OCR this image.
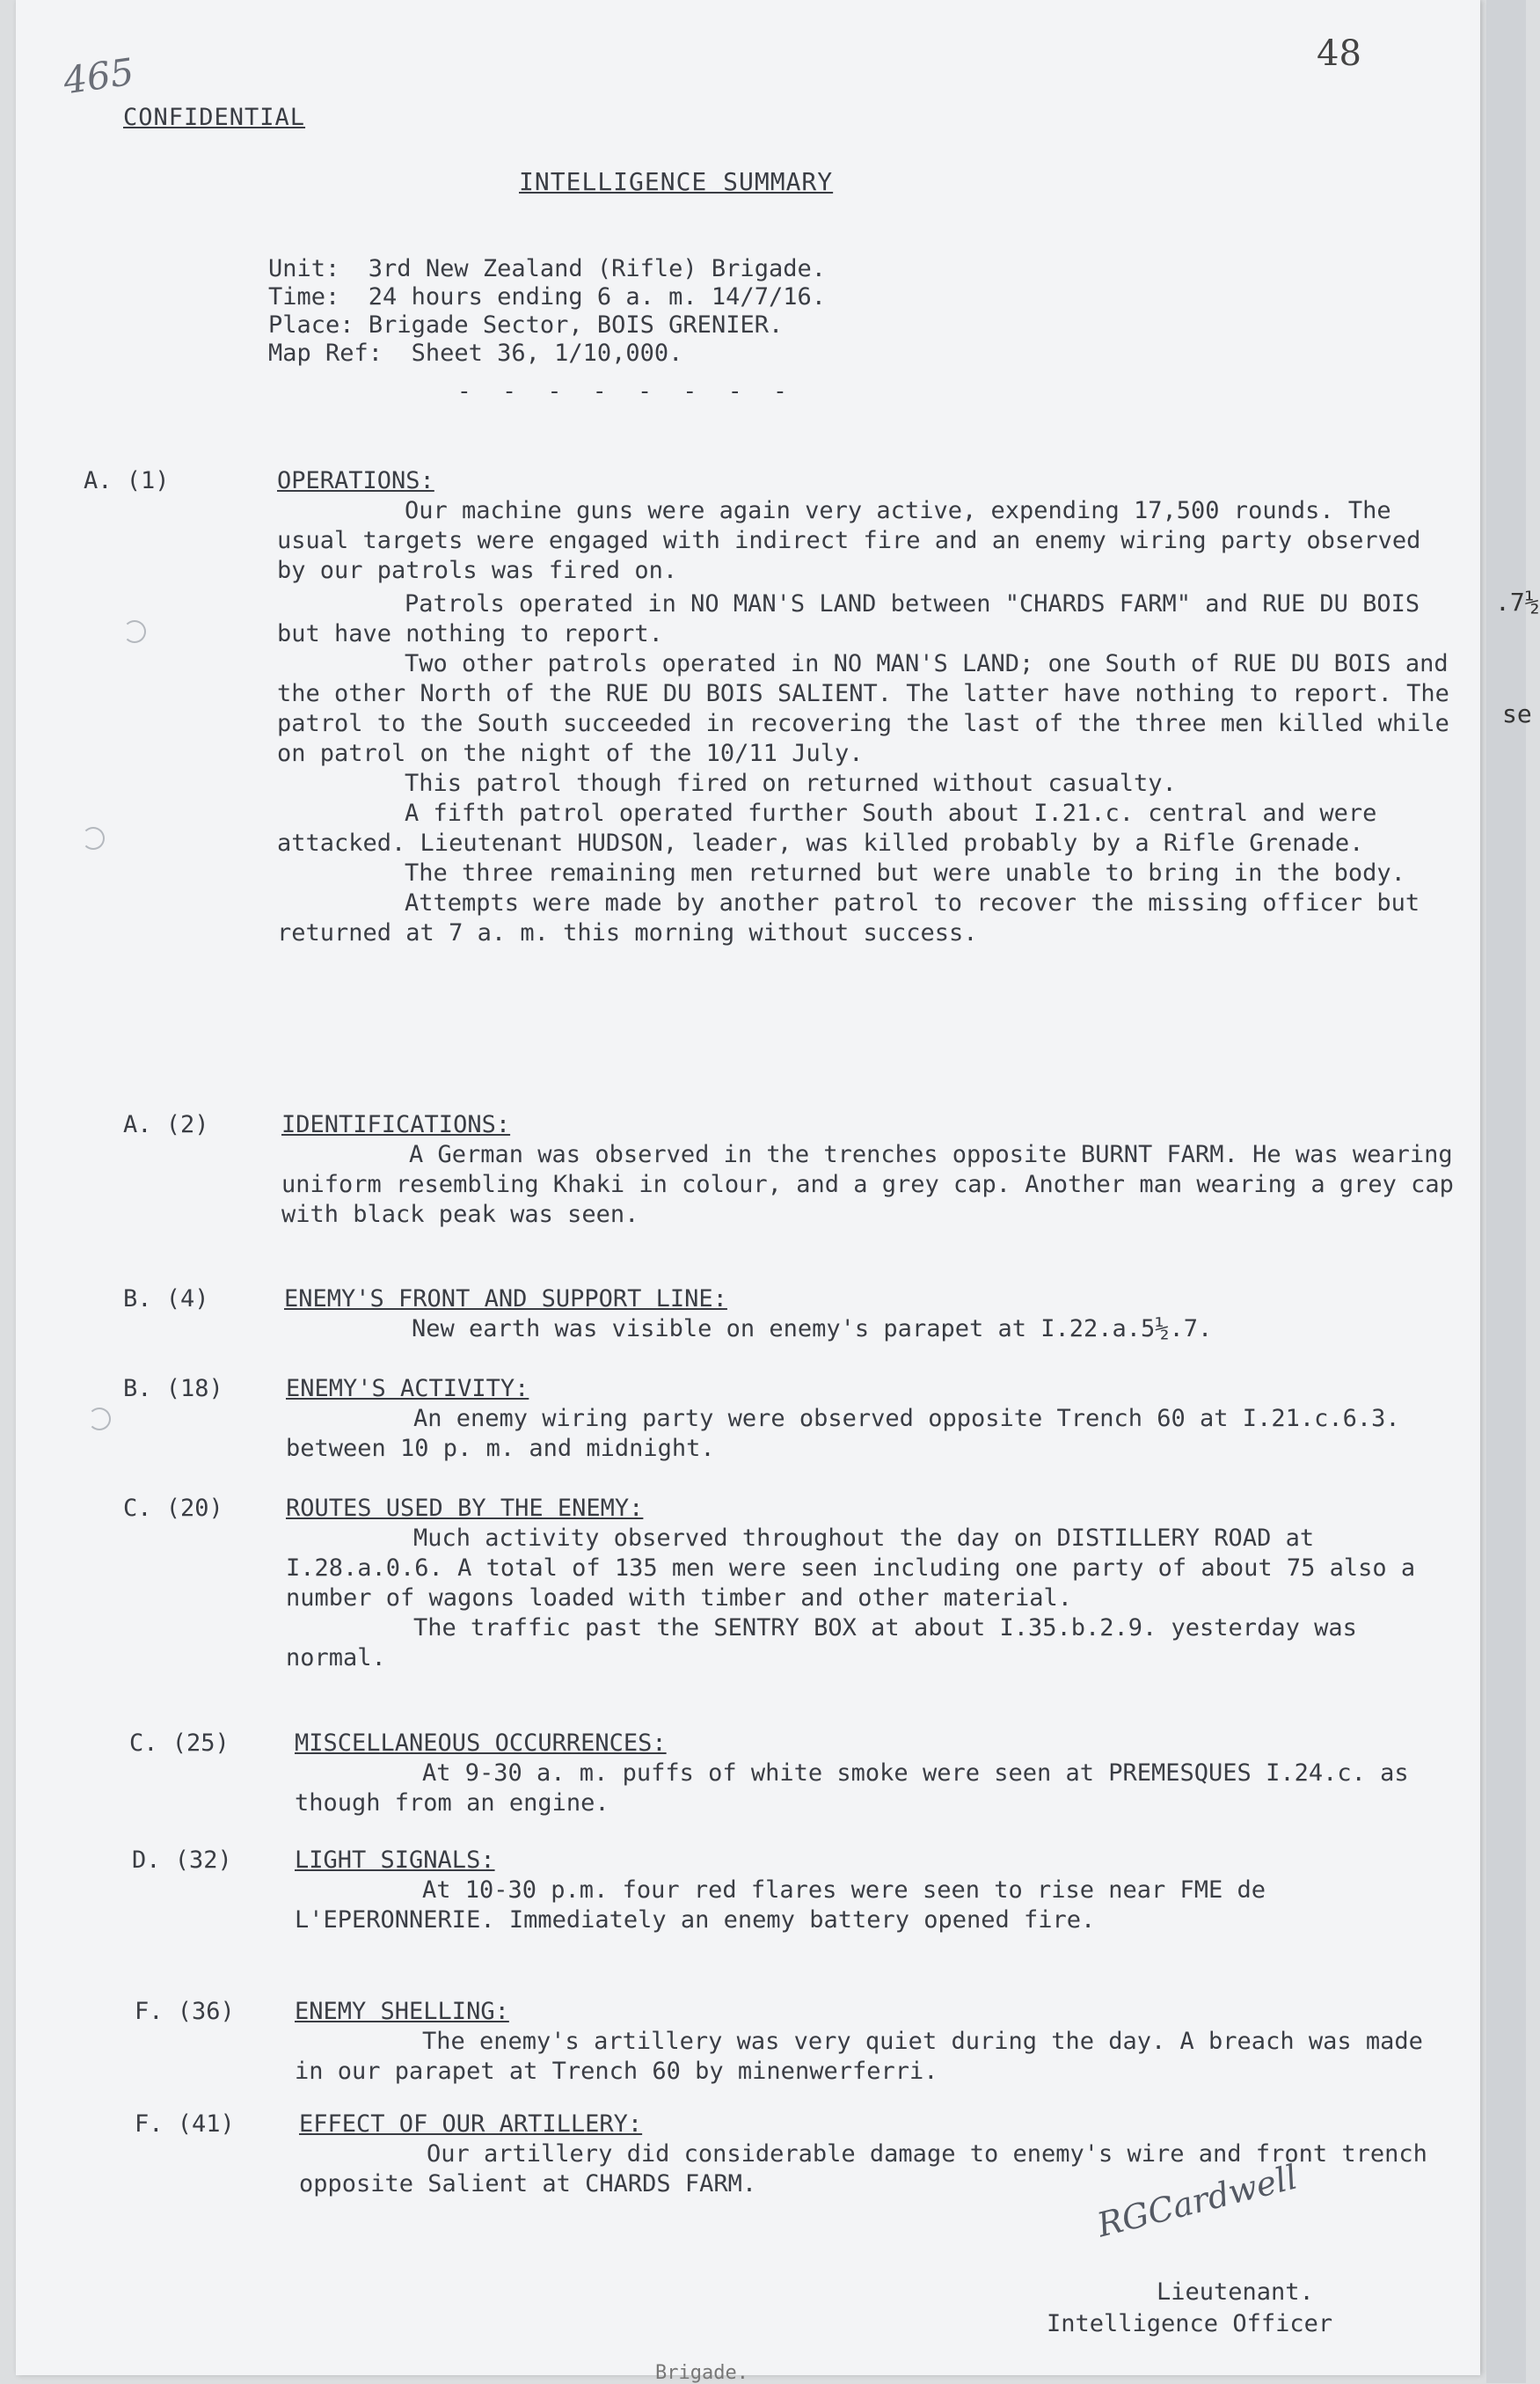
.7½
se
465	48
CONFIDENTIAL
INTELLIGENCE SUMMARY
Unit: 3rd New Zealand (Rifle) Brigade.
Time: 24 hours ending 6 a. m. 14/7/16.
Place: Brigade Sector, BOIS GRENIER.
Map Ref: Sheet 36, 1/10,000.
- - - - - - - -
A. (1)	OPERATIONS:

Our machine guns were again very active, expending 17,500 rounds. The usual targets were engaged with indirect fire and an enemy wiring party observed by our patrols was fired on.

Patrols operated in NO MAN'S LAND between "CHARDS FARM" and RUE DU BOIS but have nothing to report.

Two other patrols operated in NO MAN'S LAND; one South of RUE DU BOIS and the other North of the RUE DU BOIS SALIENT. The latter have nothing to report. The patrol to the South succeeded in recovering the last of the three men killed while on patrol on the night of the 10/11 July.

This patrol though fired on returned without casualty.

A fifth patrol operated further South about I.21.c. central and were attacked. Lieutenant HUDSON, leader, was killed probably by a Rifle Grenade.

The three remaining men returned but were unable to bring in the body.

Attempts were made by another patrol to recover the missing officer but returned at 7 a. m. this morning without success.

A. (2)	IDENTIFICATIONS:

A German was observed in the trenches opposite BURNT FARM. He was wearing uniform resembling Khaki in colour, and a grey cap. Another man wearing a grey cap with black peak was seen.

B. (4)	ENEMY'S FRONT AND SUPPORT LINE:

New earth was visible on enemy's parapet at I.22.a.5½.7.

B. (18)	ENEMY'S ACTIVITY:

An enemy wiring party were observed opposite Trench 60 at I.21.c.6.3. between 10 p. m. and midnight.

C. (20)	ROUTES USED BY THE ENEMY:

Much activity observed throughout the day on DISTILLERY ROAD at I.28.a.0.6. A total of 135 men were seen including one party of about 75 also a number of wagons loaded with timber and other material.

The traffic past the SENTRY BOX at about I.35.b.2.9. yesterday was normal.

C. (25)	MISCELLANEOUS OCCURRENCES:

At 9-30 a. m. puffs of white smoke were seen at PREMESQUES I.24.c. as though from an engine.

D. (32)	LIGHT SIGNALS:

At 10-30 p.m. four red flares were seen to rise near FME de L'EPERONNERIE. Immediately an enemy battery opened fire.

F. (36)	ENEMY SHELLING:

The enemy's artillery was very quiet during the day. A breach was made in our parapet at Trench 60 by minenwerferri.

F. (41)	EFFECT OF OUR ARTILLERY:

Our artillery did considerable damage to enemy's wire and front trench opposite Salient at CHARDS FARM.	RGCardwell
Lieutenant.
Intelligence Officer
Brigade.
